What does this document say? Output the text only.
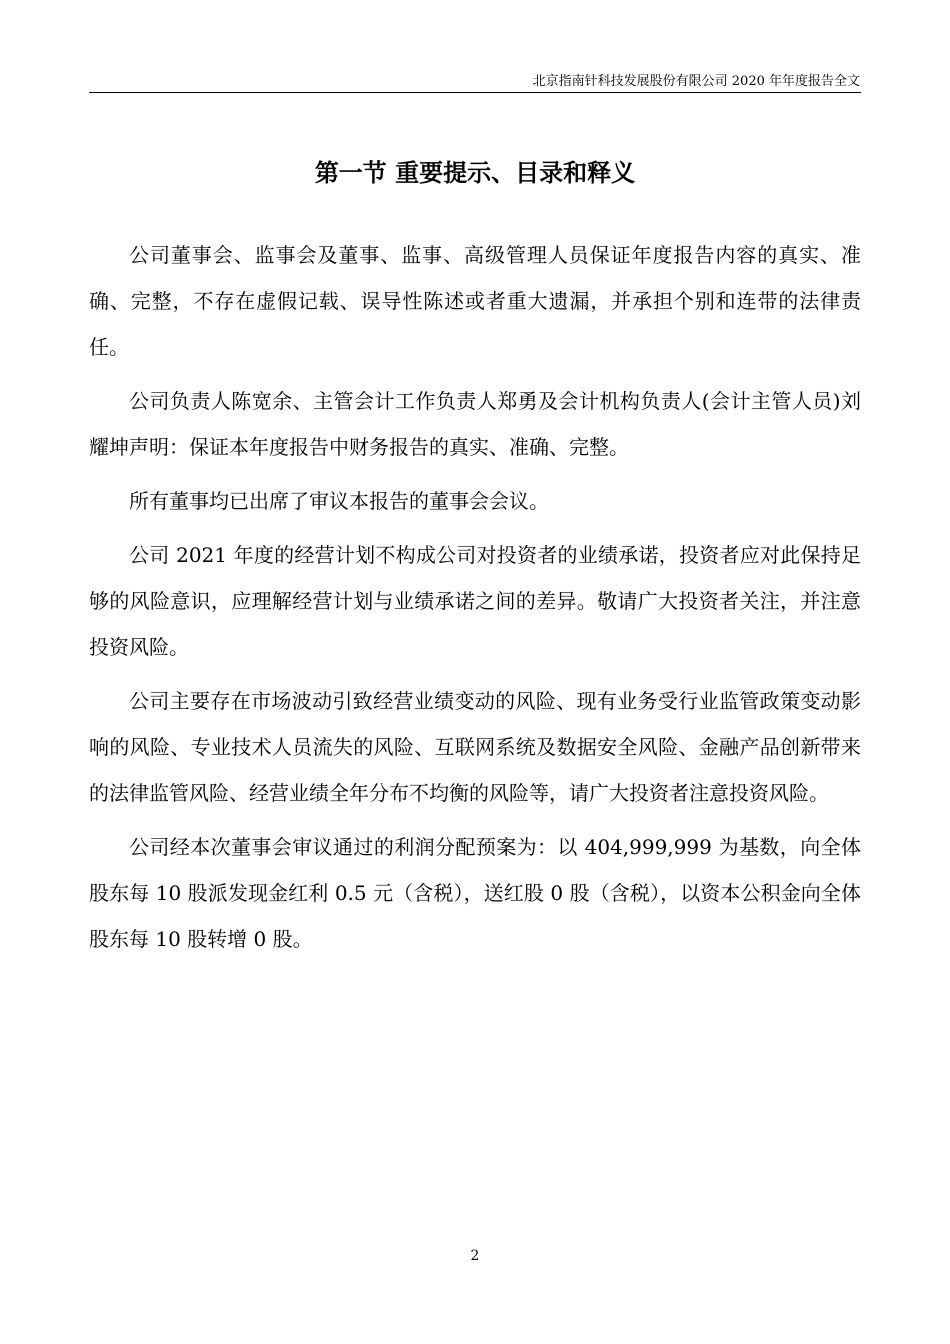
北京指南针科技发展股份有限公司 2020 年年度报告全文
第一节 重要提示、目录和释义

公司董事会、监事会及董事、监事、高级管理人员保证年度报告内容的真实、准确、完整，不存在虚假记载、误导性陈述或者重大遗漏，并承担个别和连带的法律责任。

公司负责人陈宽余、主管会计工作负责人郑勇及会计机构负责人(会计主管人员)刘耀坤声明：保证本年度报告中财务报告的真实、准确、完整。

所有董事均已出席了审议本报告的董事会会议。

公司 2021 年度的经营计划不构成公司对投资者的业绩承诺，投资者应对此保持足够的风险意识，应理解经营计划与业绩承诺之间的差异。敬请广大投资者关注，并注意投资风险。

公司主要存在市场波动引致经营业绩变动的风险、现有业务受行业监管政策变动影响的风险、专业技术人员流失的风险、互联网系统及数据安全风险、金融产品创新带来的法律监管风险、经营业绩全年分布不均衡的风险等，请广大投资者注意投资风险。

公司经本次董事会审议通过的利润分配预案为：以 404,999,999 为基数，向全体股东每 10 股派发现金红利 0.5 元（含税），送红股 0 股（含税），以资本公积金向全体股东每 10 股转增 0 股。

2
